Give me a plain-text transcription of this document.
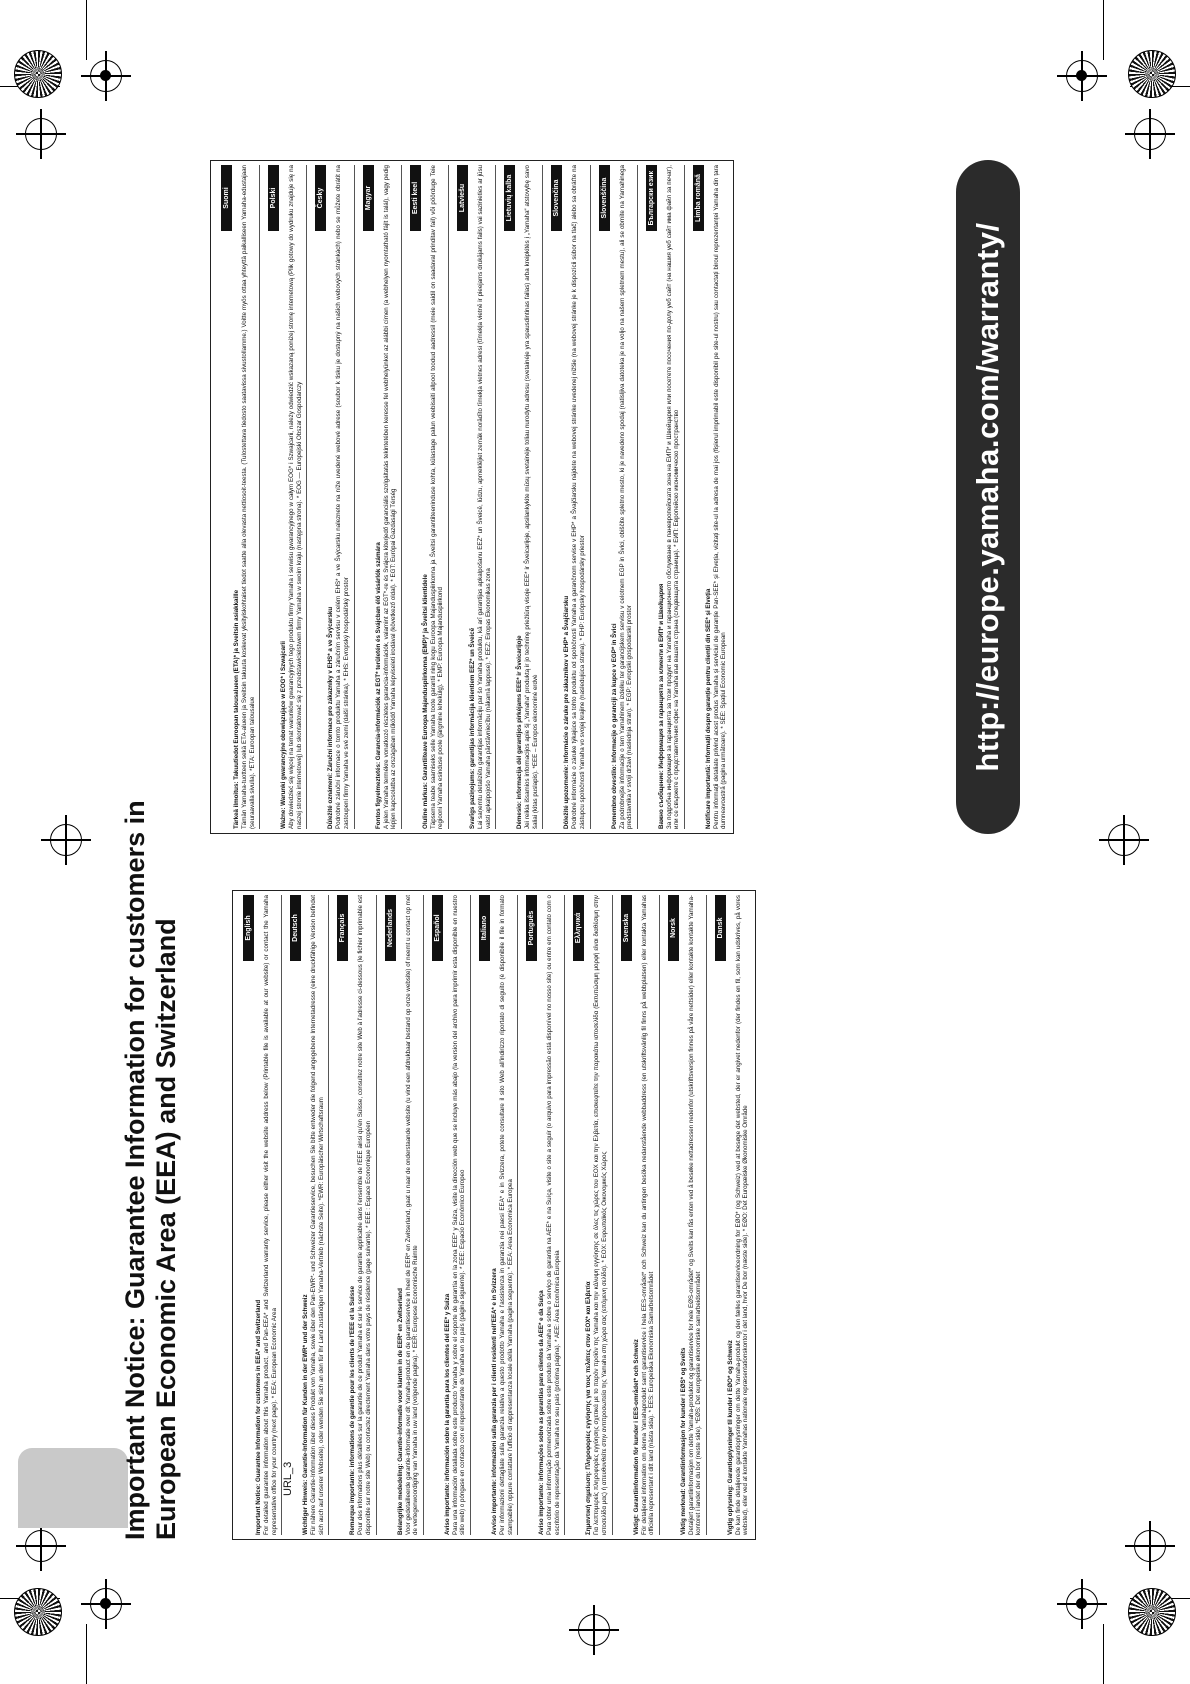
URL_3
Important Notice: Guarantee Information for customers in European Economic Area (EEA) and Switzerland	English

Important Notice: Guarantee Information for customers in EEA* and Switzerland For detailed guarantee information about this Yamaha product, and Pan-EEA* and Switzerland warranty service, please either visit the website address below (Printable file is available at our website) or contact the Yamaha representative office for your country (next page). * EEA: European Economic Area

Deutsch

Wichtiger Hinweis: Garantie-Information für Kunden in der EWR* und der Schweiz Für nähere Garantie-Information über dieses Produkt von Yamaha, sowie über den Pan-EWR*- und Schweizer Garantieservice, besuchen Sie bitte entweder die folgend angegebene Internetadresse (eine druckfähige Version befindet sich auch auf unserer Webseite), oder wenden Sie sich an den für Ihr Land zuständigen Yamaha-Vertrieb (nächste Seite). *EWR: Europäischer Wirtschaftsraum

Français

Remarque importante: informations de garantie pour les clients de l'EEE et la Suisse Pour des informations plus détaillées sur la garantie de ce produit Yamaha et sur le service de garantie applicable dans l'ensemble de l'EEE ainsi qu'en Suisse, consultez notre site Web à l'adresse ci-dessous (le fichier imprimable est disponible sur notre site Web) ou contactez directement Yamaha dans votre pays de résidence (page suivante). * EEE : Espace Economique Européen

Nederlands

Belangrijke mededeling: Garantie-informatie voor klanten in de EER* en Zwitserland Voor gedetailleerde garantie-informatie over dit Yamaha-product en de garantieservice in heel de EER* en Zwitserland, gaat u naar de onderstaande website (u vind een afdrukbaar bestand op onze website) of neemt u contact op met de vertegenwoordiging van Yamaha in uw land (volgende pagina). * EER: Europese Economische Ruimte

Español

Aviso importante: información sobre la garantía para los clientes del EEE* y Suiza Para una información detallada sobre este producto Yamaha y sobre el soporte de garantía en la zona EEE* y Suiza, visite la dirección web que se incluye más abajo (la version del archivo para imprimir esta disponible en nuestro sitio web) o póngase en contacto con el representante de Yamaha en su país (página siguiente). * EEE: Espacio Económico Europeo

Italiano

Avviso importante: informazioni sulla garanzia per i clienti residenti nell'EEA* e in Svizzera Per informazioni dettagliate sulla garanzia relativa a questo prodotto Yamaha e l'assistenza in garanzia nei paesi EEA* e in Svizzera, potete consultare il sito Web all'indirizzo riportato di seguito (è disponibile il file in formato stampabile) oppure contattare l'ufficio di rappresentanza locale della Yamaha (pagina seguente). * EEA: Area Economica Europea

Português

Aviso importante: informações sobre as garantias para clientes da AEE* e da Suíça Para obter uma informação pormenorizada sobre este produto da Yamaha e sobre o serviço de garantia na AEE* e na Suíça, visite o site a seguir (o arquivo para impressão está disponível no nosso site) ou entre em contato com o escritório de representação da Yamaha no seu país (próxima página). * AEE: Área Econômica Europeia

Ελληνικά

Σημαντική σημείωση: Πληροφορίες εγγύησης για τους πελάτες στον ΕΟΧ* και Ελβετία Για λεπτομερείς πληροφορίες εγγύησης σχετικά με το παρόν προϊόν της Yamaha και την κάλυψη εγγύησης σε όλες τις χώρες του ΕΟΧ και την Ελβετία, επισκεφτείτε την παρακάτω ιστοσελίδα (Εκτυπώσιμη μορφή είναι διαθέσιμη στην ιστοσελίδα μας) ή απευθυνθείτε στην αντιπροσωπεία της Yamaha στη χώρα σας (επόμενη σελίδα). * ΕΟΧ: Ευρωπαϊκός Οικονομικός Χώρος

Svenska

Viktigt: Garantiinformation för kunder i EES-området* och Schweiz För detaljerad information om denna Yamahaprodukt samt garantiservice i hela EES-området* och Schweiz kan du antingen besöka nedanstående webbaddress (en utskriftsvänlig fil finns på webbplatsen) eller kontakta Yamahas officiella representant i ditt land (nästa sida). * EES: Europeiska Ekonomiska Samarbetsområdet

Norsk

Viktig merknad: Garantiinformasjon for kunder i EØS* og Sveits Detaljert garantiinformasjon om dette Yamaha-produktet og garantiservice for hele EØS-området* og Sveits kan fås enten ved å besøke nettadressen nedenfor (utskriftsversjon finnes på våre nettsider) eller kontakte kontakte Yamaha-kontoret i landet der du bor (neste side). *EØS: Det europeiske økonomiske samarbeidsområdet

Dansk

Vigtig oplysning: Garantioplysninger til kunder i EØO* og Schweiz De kan finde detaljerede garantioplysninger om dette Yamaha-produkt og den fælles garantiserviceordning for EØO* (og Schweiz) ved at besøge det websted, der er angivet nedenfor (der findes en fil, som kan udskrives, på vores websted), eller ved at kontakte Yamahas nationale repræsentationskontor i det land, hvor De bor (næste side). * EØO: Det Europæiske Økonomiske Område

Suomi

Tärkeä ilmoitus: Takuutiedot Euroopan talousalueen (ETA)* ja Sveitsin asiakkaille Tämän Yamaha-tuotteen sekä ETA-alueen ja Sveitsin takuuta koskevat yksityiskohtaiset tiedot saatte alla olevasta nettiosoit-teesta. (Tulostettava tiedosto saatavissa sivustollamme.) Voitte myös ottaa yhteyttä paikalliseen Yamaha-edustajaan (seuraavalla sivulla). *ETA: Euroopan talousalue

Polski

Ważne: Warunki gwarancyjne obowiązujące w EOG* i Szwajcarii Aby dowiedzieć się więcej na temat warunków gwarancyjnych tego produktu firmy Yamaha i serwisu gwarancyjnego w całym EOG* i Szwajcarii, należy odwiedzić wskazaną poniżej stronę internetową (Plik gotowy do wydruku znajduje się na naszej stronie internetowej) lub skontaktować się z przedstawicielstwem firmy Yamaha w swoim kraju (następna strona). * EOG — Europejski Obszar Gospodarczy

Česky

Důležité oznámení: Záruční informace pro zákazníky v EHS* a ve Švýcarsku Podrobné záruční informace o tomto produktu Yamaha a záručním servisu v celém EHS* a ve Švýcarsku naleznete na níže uvedené webové adrese (soubor k tisku je dostupný na našich webových stránkách) nebo se můžete obrátit na zastoupení firmy Yamaha ve své zemi (další stránka). * EHS: Evropský hospodářský prostor

Magyar

Fontos figyelmeztetés: Garancia-információk az EGT* területén és Svájcban élő vásárlók számára A jelen Yamaha termékre vonatkozó részletes garancia-információk, valamint az EGT*-re és Svájcra kiterjedő garanciális szolgáltatás tekintetében keresse fel webhelyünket az alábbi címen (a webhelyen nyomtatható fájlt is talál), vagy pedig lépjen kapcsolatba az országában működő Yamaha képviseleti irodával (következő oldal). * EGT: Európai Gazdasági Térség

Eesti keel

Oluline märkus: Garantiiteave Euroopa Majanduspiirkonna (EMP)* ja Šveitsi klientidele Täpsema teabe saamiseks selle Yamaha toote garantii ning kogu Euroopa Majanduspiirkonna ja Šveitsi garantiiteeninduse kohta, külastage palun veebisaiti allpool toodud aadressil (meie saidil on saadaval prinditav fail) või pöörduge Teie regiooni Yamaha esinduse poole (järgmine lehekülg). * EMP: Euroopa Majanduspiirkond

Latviešu

Svarīgs paziņojums: garantijas informācija klientiem EEZ* un Šveicē Lai saņemtu detalizētu garantijas informāciju par šo Yamaha produktu, kā arī garantijas apkalpošanu EEZ* un Šveicē, lūdzu, apmeklējiet zemāk norādīto tīmekļa vietnes adresi (tīmekļa vietnē ir pieejams drukājams fails) vai sazinieties ar jūsu valsti apkalpojošo Yamaha pārstāvniecību (nākamā lappuse). * EEZ: Eiropas Ekonomikas zona

Lietuvių kalba

Dėmesio: informacija dėl garantijos pirkėjams EEE* ir Šveicarijoje Jei reikia išsamios informacijos apie šį „Yamaha“ produktą ir jo techninę priežiūrą visoje EEE* ir Šveicarijoje, apsilankykite mūsų svetainėje toliau nurodytu adresu (svetainėje yra spausdintinas failas) arba kreipkitės į „Yamaha“ atstovybę savo šaliai (kitas puslapis). *EEE – Europos ekonominė erdvė

Slovenčina

Dôležité upozornenie: Informácie o záruke pre zákazníkov v EHP* a Švajčiarsku Podrobné informácie o záruke týkajúce sa tohto produktu od spoločnosti Yamaha a garančnom servise v EHP* a Švajčiarsku nájdete na webovej stránke uvedenej nižšie (na webovej stránke je k dispozícii súbor na tlač) alebo sa obráťte na zástupcu spoločnosti Yamaha vo svojej krajine (nasledujúca strana). * EHP: Európsky hospodársky priestor

Slovenščina

Pomembno obvestilo: Informacije o garanciji za kupce v EGP* in Švici Za podrobnejše informacije o tem Yamahinem izdelku ter garancijskem servisu v celotnem EGP in Švici, obiščite spletno mesto, ki je navedeno spodaj (natisljiva datoteka je na voljo na našem spletnem mestu), ali se obrnite na Yamahinega predstavnika v svoji državi (naslednja stran). * EGP: Evropski gospodarski prostor

Български език

Важно съобщение: Информация за гаранцията за клиенти в ЕИП* и Швейцария За подробна информация за гаранцията за този продукт на Yamaha и гаранционното обслужване в паневропейската зона на ЕИП* и Швейцария или посетете посочения по-долу уеб сайт (на нашия уеб сайт има файл за печат), или се свържете с представителния офис на Yamaha във вашата страна (следващата страница). * ЕИП: Европейско икономическо пространство

Limba română

Notificare importantă: Informații despre garanție pentru clienții din SEE* și Elveția Pentru informații detaliate privind acest produs Yamaha și serviciul de garanție Pan-SEE* și Elveția, vizitați site-ul la adresa de mai jos (fișierul imprimabil este disponibil pe site-ul nostru) sau contactați biroul reprezentanței Yamaha din țara dumneavoastră (pagina următoare). * SEE: Spațiul Economic European	http://europe.yamaha.com/warranty/
